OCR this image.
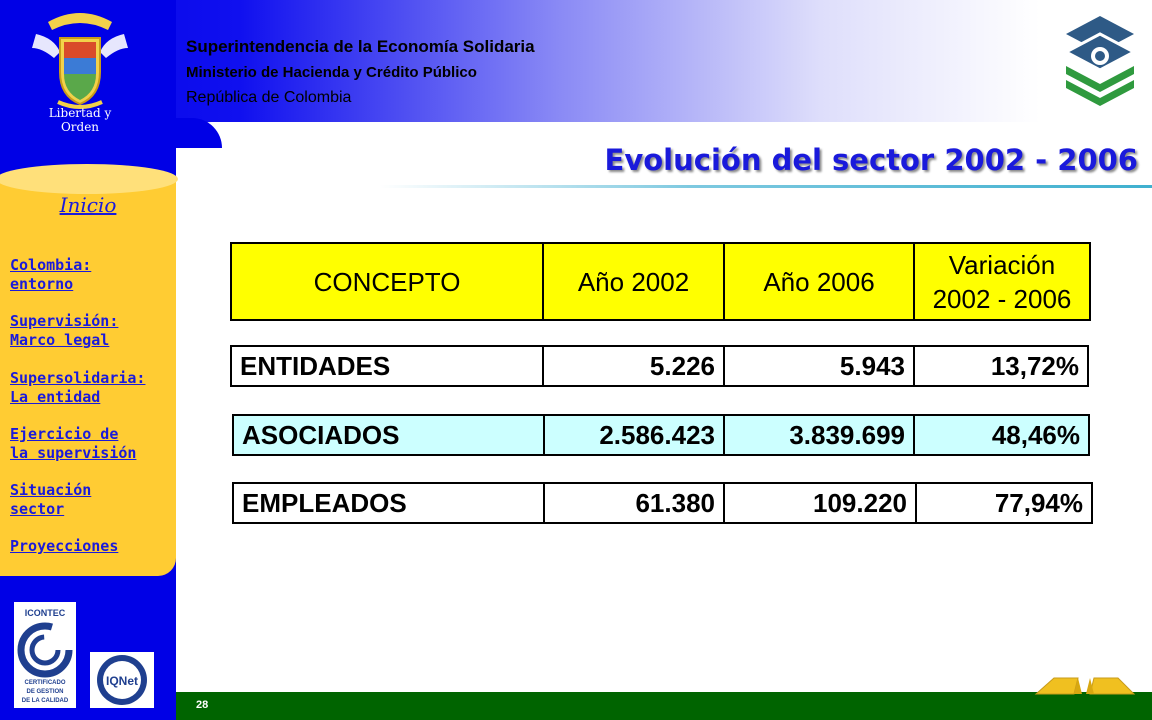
Libertad y Orden
Superintendencia de la Economía Solidaria
Ministerio de Hacienda y Crédito Público
República de Colombia
Evolución del sector 2002 - 2006
Inicio
Colombia:
entorno
Supervisión:
Marco legal
Supersolidaria:
La entidad
Ejercicio de
la supervisión
Situación
sector
Proyecciones
ICONTEC
CERTIFICADO
DE GESTION
DE LA CALIDAD
IQNet
CONCEPTO	Año 2002	Año 2006	Variación
2002 - 2006
ENTIDADES	5.226	5.943	13,72%
ASOCIADOS	2.586.423	3.839.699	48,46%
EMPLEADOS	61.380	109.220	77,94%
28
